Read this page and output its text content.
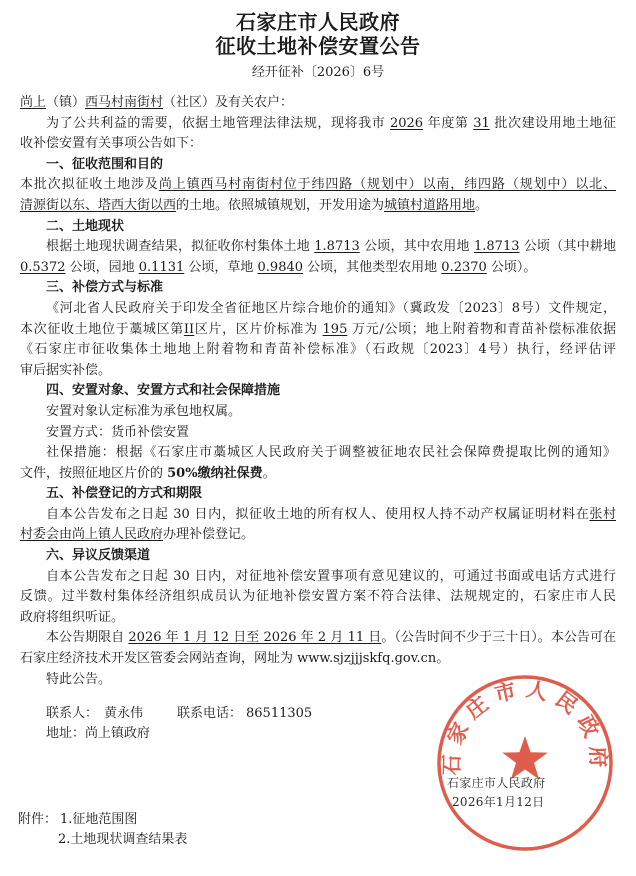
石家庄市人民政府
征收土地补偿安置公告
经开征补〔2026〕6号
尚上（镇）西马村南街村（社区）及有关农户：
为了公共利益的需要，依据土地管理法律法规，现将我市 2026 年度第 31 批次建设用地土地征
收补偿安置有关事项公告如下：
一、征收范围和目的
本批次拟征收土地涉及尚上镇西马村南街村位于纬四路（规划中）以南，纬四路（规划中）以北、
清源街以东、塔西大街以西的土地。依照城镇规划，开发用途为城镇村道路用地。
二、土地现状
根据土地现状调查结果，拟征收你村集体土地 1.8713 公顷，其中农用地 1.8713 公顷（其中耕地
0.5372 公顷，园地 0.1131 公顷，草地 0.9840 公顷，其他类型农用地 0.2370 公顷）。
三、补偿方式与标准
《河北省人民政府关于印发全省征地区片综合地价的通知》（冀政发〔2023〕8号）文件规定，
本次征收土地位于藁城区第II区片，区片价标准为 195 万元/公顷；地上附着物和青苗补偿标准依据
《石家庄市征收集体土地地上附着物和青苗补偿标准》（石政规〔2023〕4号）执行，经评估评
审后据实补偿。
四、安置对象、安置方式和社会保障措施
安置对象认定标准为承包地权属。
安置方式：货币补偿安置
社保措施：根据《石家庄市藁城区人民政府关于调整被征地农民社会保障费提取比例的通知》
文件，按照征地区片价的 50%缴纳社保费。
五、补偿登记的方式和期限
自本公告发布之日起 30 日内，拟征收土地的所有权人、使用权人持不动产权属证明材料在张村
村委会由尚上镇人民政府办理补偿登记。
六、异议反馈渠道
自本公告发布之日起 30 日内，对征地补偿安置事项有意见建议的，可通过书面或电话方式进行
反馈。过半数村集体经济组织成员认为征地补偿安置方案不符合法律、法规规定的，石家庄市人民
政府将组织听证。
本公告期限自 2026 年 1 月 12 日至 2026 年 2 月 11 日。（公告时间不少于三十日）。本公告可在
石家庄经济技术开发区管委会网站查询，网址为 www.sjzjjjskfq.gov.cn。
特此公告。
联系人： 黄永伟	联系电话： 86511305
地址：尚上镇政府
石家庄市人民政府
2026年1月12日
石家庄市人民政府
附件： 1.征地范围图
2.土地现状调查结果表
